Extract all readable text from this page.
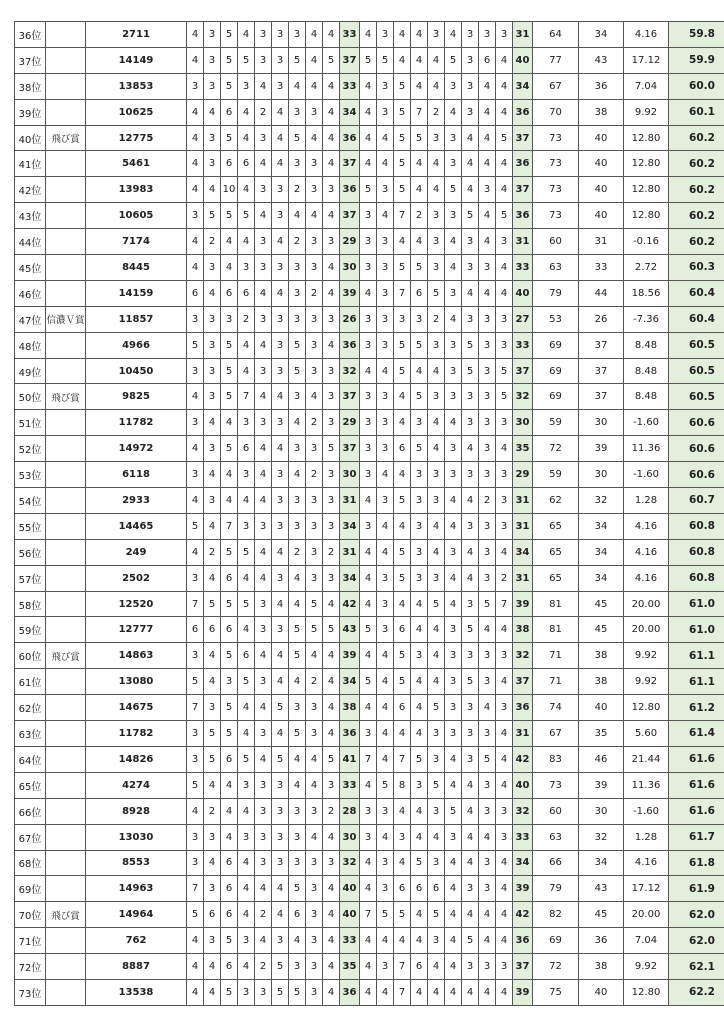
36位		2711	4	3	5	4	3	3	3	4	4	33	4	3	4	4	3	4	3	3	3	31	64	34	4.16	59.8
37位		14149	4	3	5	5	3	3	5	4	5	37	5	5	4	4	4	5	3	6	4	40	77	43	17.12	59.9
38位		13853	3	3	5	3	4	3	4	4	4	33	4	3	5	4	4	3	3	4	4	34	67	36	7.04	60.0
39位		10625	4	4	6	4	2	4	3	3	4	34	4	3	5	7	2	4	3	4	4	36	70	38	9.92	60.1
40位	飛び賞	12775	4	3	5	4	3	4	5	4	4	36	4	4	5	5	3	3	4	4	5	37	73	40	12.80	60.2
41位		5461	4	3	6	6	4	4	3	3	4	37	4	4	5	4	4	3	4	4	4	36	73	40	12.80	60.2
42位		13983	4	4	10	4	3	3	2	3	3	36	5	3	5	4	4	5	4	3	4	37	73	40	12.80	60.2
43位		10605	3	5	5	5	4	3	4	4	4	37	3	4	7	2	3	3	5	4	5	36	73	40	12.80	60.2
44位		7174	4	2	4	4	3	4	2	3	3	29	3	3	4	4	3	4	3	4	3	31	60	31	-0.16	60.2
45位		8445	4	3	4	3	3	3	3	3	4	30	3	3	5	5	3	4	3	3	4	33	63	33	2.72	60.3
46位		14159	6	4	6	6	4	4	3	2	4	39	4	3	7	6	5	3	4	4	4	40	79	44	18.56	60.4
47位	信濃Ｖ賞	11857	3	3	3	2	3	3	3	3	3	26	3	3	3	3	2	4	3	3	3	27	53	26	-7.36	60.4
48位		4966	5	3	5	4	4	3	5	3	4	36	3	3	5	5	3	3	5	3	3	33	69	37	8.48	60.5
49位		10450	3	3	5	4	3	3	5	3	3	32	4	4	5	4	4	3	5	3	5	37	69	37	8.48	60.5
50位	飛び賞	9825	4	3	5	7	4	4	3	4	3	37	3	3	4	5	3	3	3	3	5	32	69	37	8.48	60.5
51位		11782	3	4	4	3	3	3	4	2	3	29	3	3	4	3	4	4	3	3	3	30	59	30	-1.60	60.6
52位		14972	4	3	5	6	4	4	3	3	5	37	3	3	6	5	4	3	4	3	4	35	72	39	11.36	60.6
53位		6118	3	4	4	3	4	3	4	2	3	30	3	4	4	3	3	3	3	3	3	29	59	30	-1.60	60.6
54位		2933	4	3	4	4	4	3	3	3	3	31	4	3	5	3	3	4	4	2	3	31	62	32	1.28	60.7
55位		14465	5	4	7	3	3	3	3	3	3	34	3	4	4	3	4	4	3	3	3	31	65	34	4.16	60.8
56位		249	4	2	5	5	4	4	2	3	2	31	4	4	5	3	4	3	4	3	4	34	65	34	4.16	60.8
57位		2502	3	4	6	4	4	3	4	3	3	34	4	3	5	3	3	4	4	3	2	31	65	34	4.16	60.8
58位		12520	7	5	5	5	3	4	4	5	4	42	4	3	4	4	5	4	3	5	7	39	81	45	20.00	61.0
59位		12777	6	6	6	4	3	3	5	5	5	43	5	3	6	4	4	3	5	4	4	38	81	45	20.00	61.0
60位	飛び賞	14863	3	4	5	6	4	4	5	4	4	39	4	4	5	3	4	3	3	3	3	32	71	38	9.92	61.1
61位		13080	5	4	3	5	3	4	4	2	4	34	5	4	5	4	4	3	5	3	4	37	71	38	9.92	61.1
62位		14675	7	3	5	4	4	5	3	3	4	38	4	4	6	4	5	3	3	4	3	36	74	40	12.80	61.2
63位		11782	3	5	5	4	3	4	5	3	4	36	3	4	4	4	3	3	3	3	4	31	67	35	5.60	61.4
64位		14826	3	5	6	5	4	5	4	4	5	41	7	4	7	5	3	4	3	5	4	42	83	46	21.44	61.6
65位		4274	5	4	4	3	3	3	4	4	3	33	4	5	8	3	5	4	4	3	4	40	73	39	11.36	61.6
66位		8928	4	2	4	4	3	3	3	3	2	28	3	3	4	4	3	5	4	3	3	32	60	30	-1.60	61.6
67位		13030	3	3	4	3	3	3	3	4	4	30	3	4	3	4	4	3	4	4	3	33	63	32	1.28	61.7
68位		8553	3	4	6	4	3	3	3	3	3	32	4	3	4	5	3	4	4	3	4	34	66	34	4.16	61.8
69位		14963	7	3	6	4	4	4	5	3	4	40	4	3	6	6	6	4	3	3	4	39	79	43	17.12	61.9
70位	飛び賞	14964	5	6	6	4	2	4	6	3	4	40	7	5	5	4	5	4	4	4	4	42	82	45	20.00	62.0
71位		762	4	3	5	3	4	3	4	3	4	33	4	4	4	4	3	4	5	4	4	36	69	36	7.04	62.0
72位		8887	4	4	6	4	2	5	3	3	4	35	4	3	7	6	4	4	3	3	3	37	72	38	9.92	62.1
73位		13538	4	4	5	3	3	5	5	3	4	36	4	4	7	4	4	4	4	4	4	39	75	40	12.80	62.2
